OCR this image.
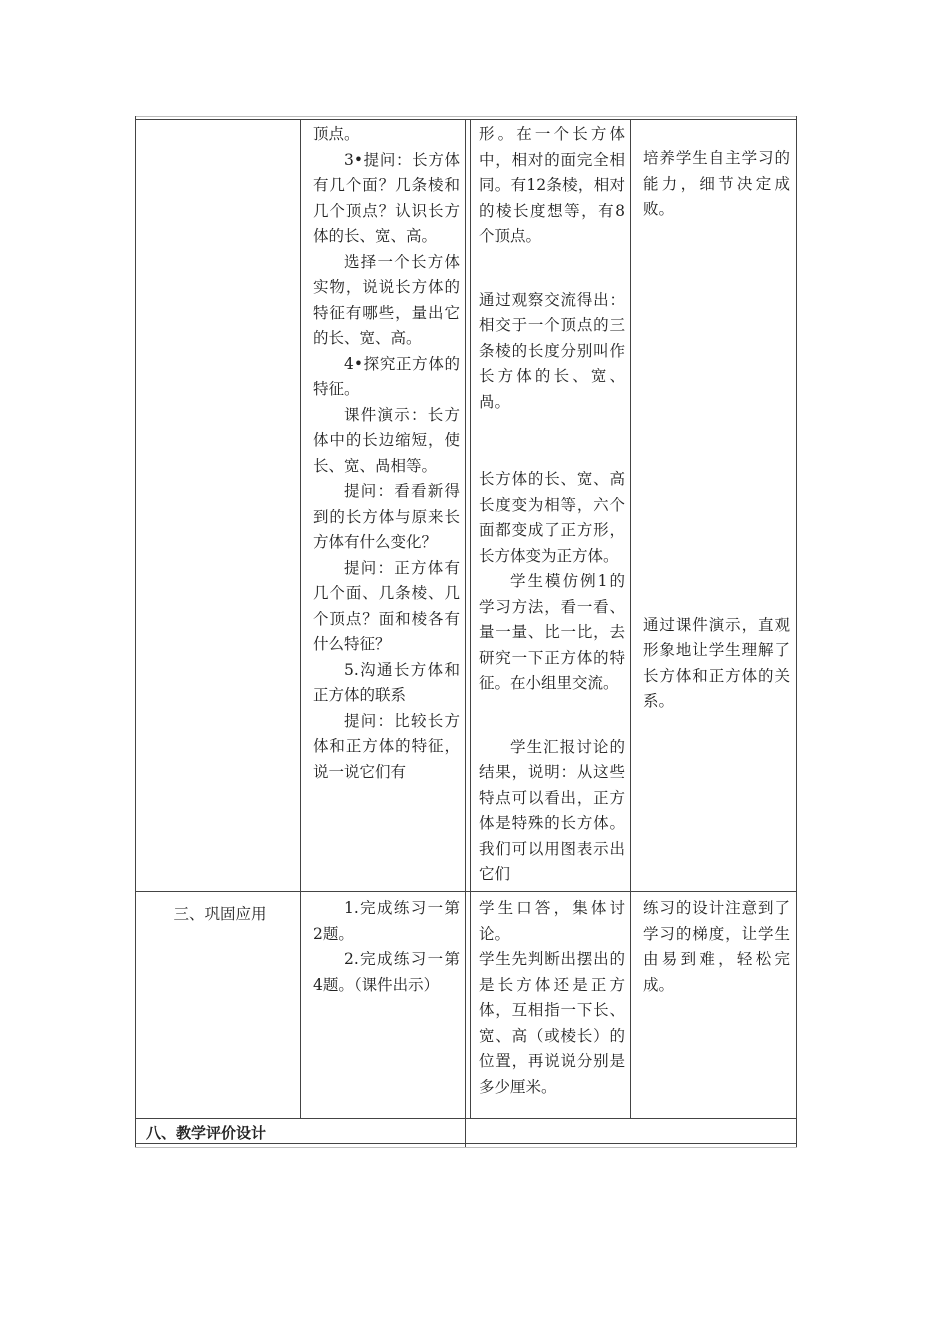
顶点。

3•提问：长方体有几个面？几条棱和几个顶点？认识长方体的长、宽、高。

选择一个长方体实物，说说长方体的特征有哪些，量出它的长、宽、高。

4•探究正方体的特征。

课件演示：长方体中的长边缩短，使长、宽、咼相等。

提问：看看新得到的长方体与原来长方体有什么变化？

提问：正方体有几个面、几条棱、几个顶点？面和棱各有什么特征？

5.沟通长方体和正方体的联系

提问：比较长方体和正方体的特征，说一说它们有

形。在一个长方体中，相对的面完全相同。有12条棱，相对的棱长度想等，有8个顶点。

通过观察交流得出：相交于一个顶点的三条棱的长度分别叫作长方体的长、宽、咼。

长方体的长、宽、高长度变为相等，六个面都变成了正方形，长方体变为正方体。

学生模仿例1的学习方法，看一看、量一量、比一比，去研究一下正方体的特征。在小组里交流。

学生汇报讨论的结果，说明：从这些特点可以看出，正方体是特殊的长方体。我们可以用图表示出它们

培养学生自主学习的能力，细节决定成败。

通过课件演示，直观形象地让学生理解了长方体和正方体的关系。

三、巩固应用	1.完成练习一第2题。

2.完成练习一第4题。（课件出示）

学生口答，集体讨论。

学生先判断出摆出的是长方体还是正方体，互相指一下长、宽、高（或棱长）的位置，再说说分别是多少厘米。

练习的设计注意到了学习的梯度，让学生由易到难，轻松完成。

八、教学评价设计
